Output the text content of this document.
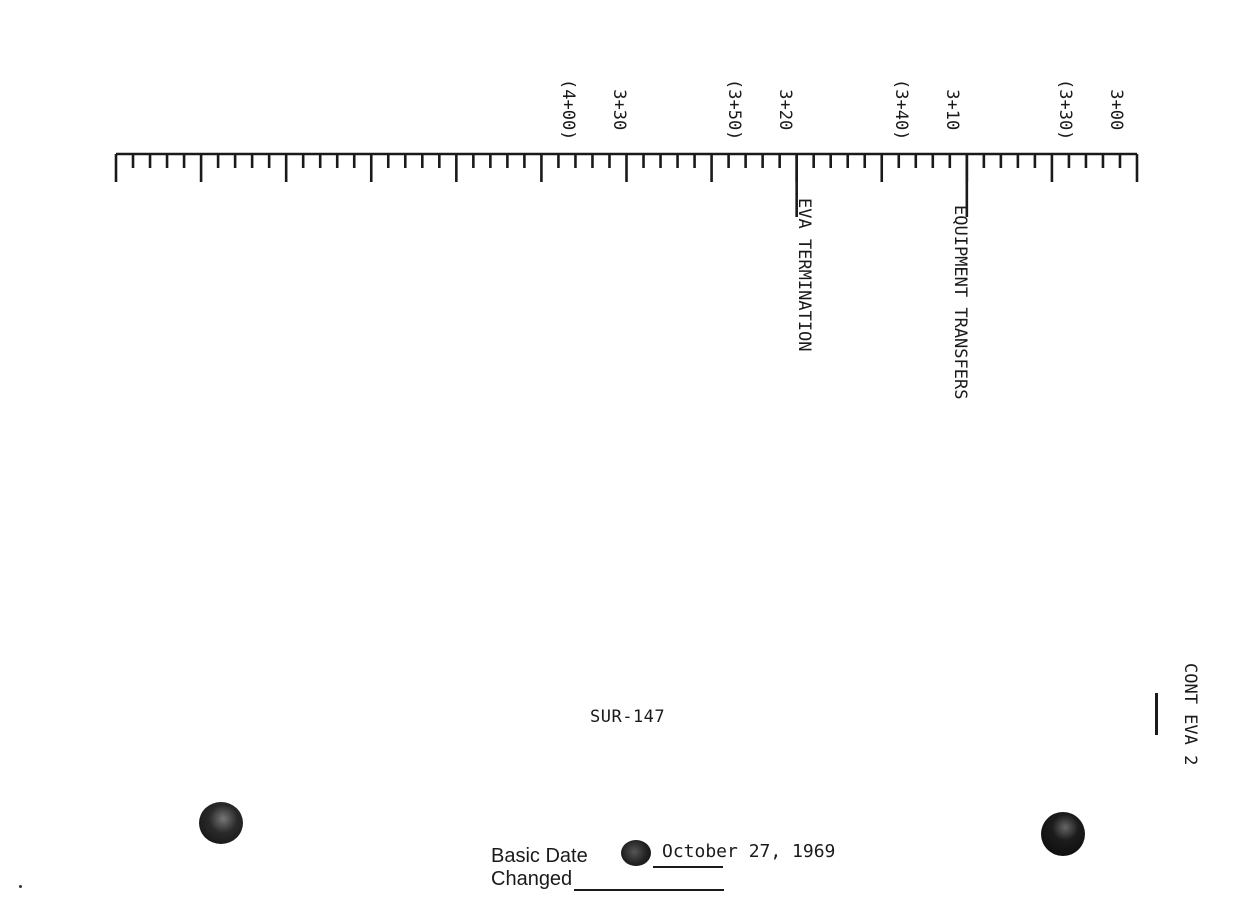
3+30

(4+00)

	3+20

(3+50)

	3+10

(3+40)

	3+00

(3+30)

EVA TERMINATION	EQUIPMENT TRANSFERS
SUR-147	CONT EVA 2
Basic Date	October 27, 1969
Changed
